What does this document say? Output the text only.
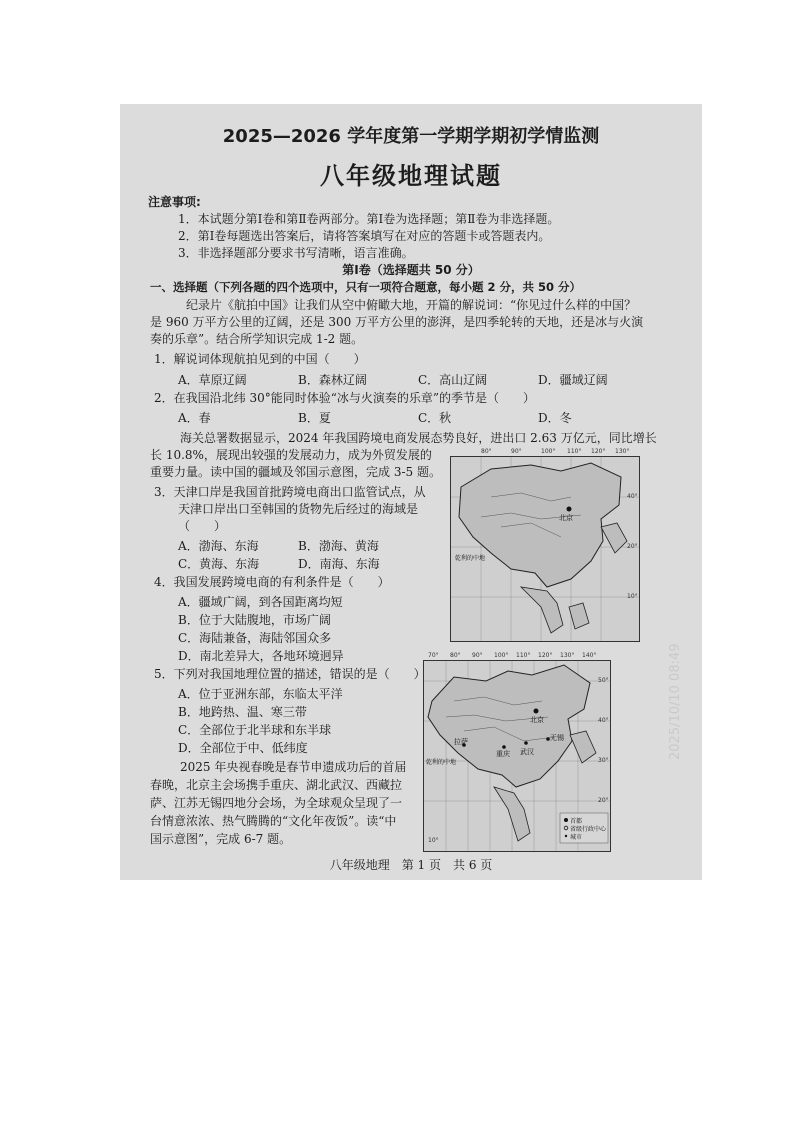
2025—2026 学年度第一学期学期初学情监测
八年级地理试题
注意事项:
1．本试题分第Ⅰ卷和第Ⅱ卷两部分。第Ⅰ卷为选择题；第Ⅱ卷为非选择题。
2．第Ⅰ卷每题选出答案后，请将答案填写在对应的答题卡或答题表内。
3．非选择题部分要求书写清晰，语言准确。
第Ⅰ卷（选择题共 50 分）
一、选择题（下列各题的四个选项中，只有一项符合题意，每小题 2 分，共 50 分）
纪录片《航拍中国》让我们从空中俯瞰大地，开篇的解说词：“你见过什么样的中国？
是 960 万平方公里的辽阔，还是 300 万平方公里的澎湃，是四季轮转的天地，还是冰与火演
奏的乐章”。结合所学知识完成 1-2 题。
1．解说词体现航拍见到的中国（　　）
A．草原辽阔	B．森林辽阔	C．高山辽阔	D．疆域辽阔
2．在我国沿北纬 30°能同时体验“冰与火演奏的乐章”的季节是（　　）
A．春	B．夏	C．秋	D．冬
海关总署数据显示，2024 年我国跨境电商发展态势良好，进出口 2.63 万亿元，同比增长
长 10.8%，展现出较强的发展动力，成为外贸发展的
重要力量。读中国的疆域及邻国示意图，完成 3-5 题。
80°	90°	100° 110° 120° 130°
40°
20°
10°
北京
乾利的中地
3．天津口岸是我国首批跨境电商出口监管试点，从
天津口岸出口至韩国的货物先后经过的海域是
（　　）
A．渤海、东海	B．渤海、黄海
C．黄海、东海	D．南海、东海
4．我国发展跨境电商的有利条件是（　　）
A．疆域广阔，到各国距离均短
B．位于大陆腹地，市场广阔
C．海陆兼备，海陆邻国众多
D．南北差异大，各地环境迥异	70° 80° 90° 100° 110° 120° 130° 140°
50°
40°
30°
20°
10°
北京
拉萨
重庆 武汉
无锡
乾利的中地
首都
省级行政中心
城市
5．下列对我国地理位置的描述，错误的是（　　）
A．位于亚洲东部，东临太平洋
B．地跨热、温、寒三带
C．全部位于北半球和东半球
D．全部位于中、低纬度
2025 年央视春晚是春节申遗成功后的首届
春晚，北京主会场携手重庆、湖北武汉、西藏拉
萨、江苏无锡四地分会场，为全球观众呈现了一
台情意浓浓、热气腾腾的“文化年夜饭”。读“中
国示意图”，完成 6-7 题。
八年级地理　第 1 页　共 6 页
2025/10/10 08:49
